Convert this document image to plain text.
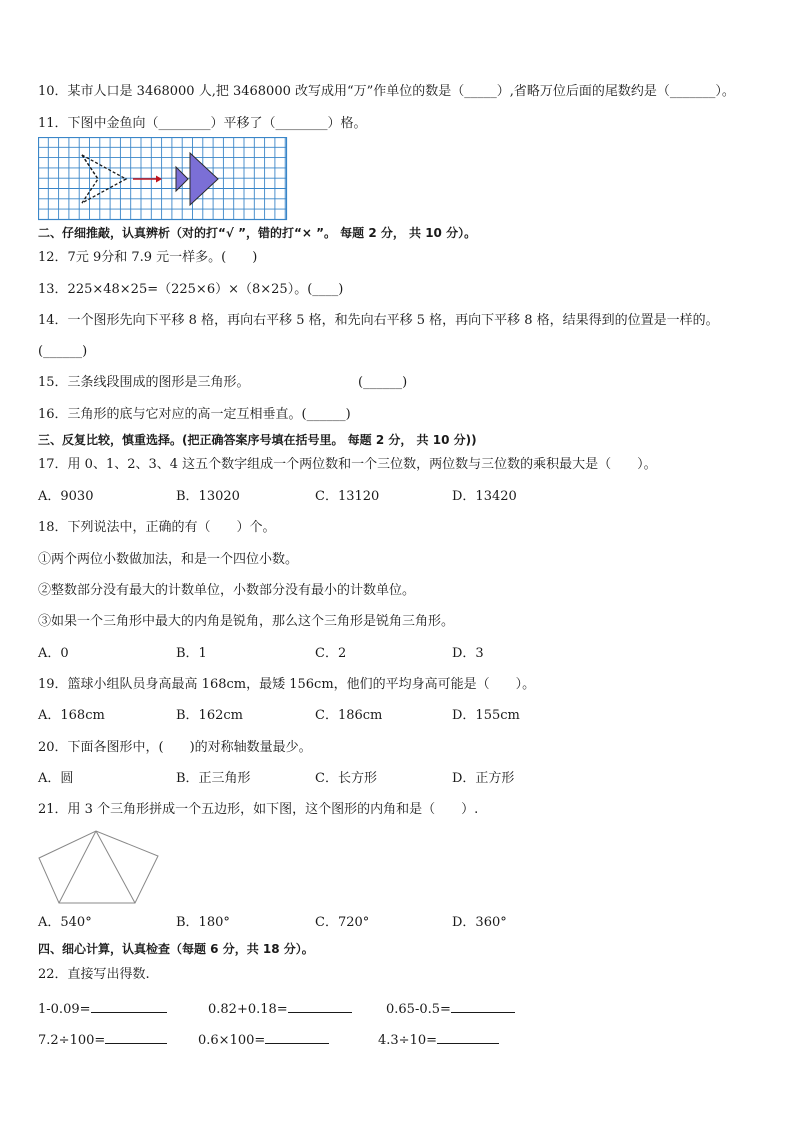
10．某市人口是 3468000 人,把 3468000 改写成用“万”作单位的数是（_____）,省略万位后面的尾数约是（_______）。
11．下图中金鱼向（________）平移了（________）格。
二、仔细推敲，认真辨析（对的打“√ ”，错的打“× ”。 每题 2 分， 共 10 分）。
12．7元 9分和 7.9 元一样多。(　　)
13．225×48×25=（225×6）×（8×25）。(____)
14．一个图形先向下平移 8 格，再向右平移 5 格，和先向右平移 5 格，再向下平移 8 格，结果得到的位置是一样的。
(______)
15．三条线段围成的图形是三角形。	(______)
16．三角形的底与它对应的高一定互相垂直。(______)
三、反复比较，慎重选择。(把正确答案序号填在括号里。 每题 2 分， 共 10 分))
17．用 0、1、2、3、4 这五个数字组成一个两位数和一个三位数，两位数与三位数的乘积最大是（　　）。
A．9030	B．13020	C．13120	D．13420
18．下列说法中，正确的有（　　）个。
①两个两位小数做加法，和是一个四位小数。
②整数部分没有最大的计数单位，小数部分没有最小的计数单位。
③如果一个三角形中最大的内角是锐角，那么这个三角形是锐角三角形。
A．0	B．1	C．2	D．3
19．篮球小组队员身高最高 168cm，最矮 156cm，他们的平均身高可能是（　　）。
A．168cm	B．162cm	C．186cm	D．155cm
20．下面各图形中，(　　)的对称轴数量最少。
A．圆	B．正三角形	C．长方形	D．正方形
21．用 3 个三角形拼成一个五边形，如下图，这个图形的内角和是（　　）.
A．540°	B．180°	C．720°	D．360°
四、细心计算，认真检查（每题 6 分，共 18 分）。
22．直接写出得数.
1-0.09=	0.82+0.18=	0.65-0.5=
7.2÷100=	0.6×100=	4.3÷10=
